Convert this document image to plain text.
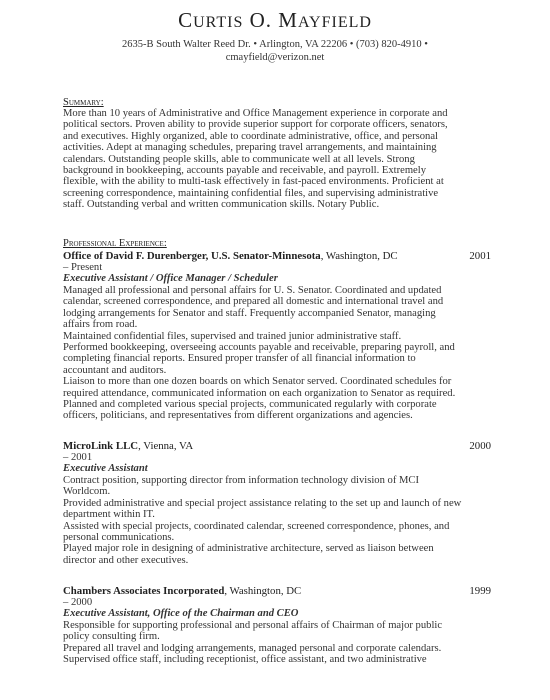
CURTIS O. MAYFIELD
2635-B South Walter Reed Dr. • Arlington, VA 22206 • (703) 820-4910 •
cmayfield@verizon.net
Summary:
More than 10 years of Administrative and Office Management experience in corporate and
political sectors. Proven ability to provide superior support for corporate officers, senators,
and executives. Highly organized, able to coordinate administrative, office, and personal
activities. Adept at managing schedules, preparing travel arrangements, and maintaining
calendars. Outstanding people skills, able to communicate well at all levels. Strong
background in bookkeeping, accounts payable and receivable, and payroll. Extremely
flexible, with the ability to multi-task effectively in fast-paced environments. Proficient at
screening correspondence, maintaining confidential files, and supervising administrative
staff. Outstanding verbal and written communication skills. Notary Public.
Professional Experience:
Office of David F. Durenberger, U.S. Senator-Minnesota, Washington, DC	2001
– Present
Executive Assistant / Office Manager / Scheduler
Managed all professional and personal affairs for U. S. Senator. Coordinated and updated
calendar, screened correspondence, and prepared all domestic and international travel and
lodging arrangements for Senator and staff. Frequently accompanied Senator, managing
affairs from road.
Maintained confidential files, supervised and trained junior administrative staff.
Performed bookkeeping, overseeing accounts payable and receivable, preparing payroll, and
completing financial reports. Ensured proper transfer of all financial information to
accountant and auditors.
Liaison to more than one dozen boards on which Senator served. Coordinated schedules for
required attendance, communicated information on each organization to Senator as required.
Planned and completed various special projects, communicated regularly with corporate
officers, politicians, and representatives from different organizations and agencies.
MicroLink LLC, Vienna, VA	2000
– 2001
Executive Assistant
Contract position, supporting director from information technology division of MCI
Worldcom.
Provided administrative and special project assistance relating to the set up and launch of new
department within IT.
Assisted with special projects, coordinated calendar, screened correspondence, phones, and
personal communications.
Played major role in designing of administrative architecture, served as liaison between
director and other executives.
Chambers Associates Incorporated, Washington, DC	1999
– 2000
Executive Assistant, Office of the Chairman and CEO
Responsible for supporting professional and personal affairs of Chairman of major public
policy consulting firm.
Prepared all travel and lodging arrangements, managed personal and corporate calendars.
Supervised office staff, including receptionist, office assistant, and two administrative
